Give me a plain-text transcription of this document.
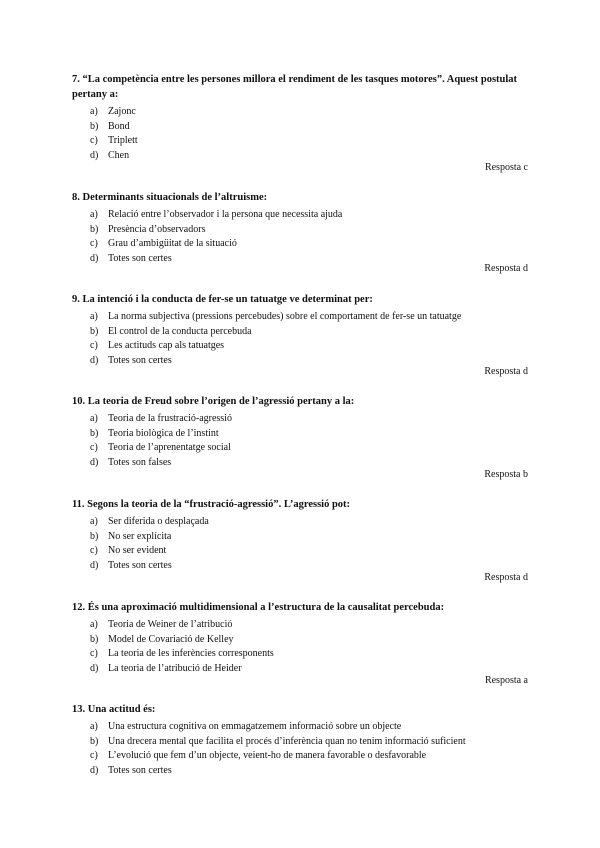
7. “La competència entre les persones millora el rendiment de les tasques motores”. Aquest postulat pertany a:

a)	Zajonc
b) Bond
c)	Triplett
d) Chen
Resposta c

8. Determinants situacionals de l’altruisme:

a)	Relació entre l’observador i la persona que necessita ajuda
b) Presència d’observadors
c)	Grau d’ambigüitat de la situació
d) Totes son certes
Resposta d

9. La intenció i la conducta de fer-se un tatuatge ve determinat per:

a)	La norma subjectiva (pressions percebudes) sobre el comportament de fer-se un tatuatge
b) El control de la conducta percebuda
c)	Les actituds cap als tatuatges
d) Totes son certes
Resposta d

10. La teoria de Freud sobre l’origen de l’agressió pertany a la:

a)	Teoria de la frustració-agressió
b) Teoria biològica de l’instint
c)	Teoria de l’aprenentatge social
d) Totes son falses
Resposta b

11. Segons la teoria de la “frustració-agressió”. L’agressió pot:

a)	Ser diferida o desplaçada
b) No ser explícita
c)	No ser evident
d) Totes son certes
Resposta d

12. És una aproximació multidimensional a l’estructura de la causalitat percebuda:

a)	Teoria de Weiner de l’atribució
b) Model de Covariació de Kelley
c)	La teoria de les inferències corresponents
d) La teoria de l’atribució de Heider
Resposta a

13. Una actitud és:

a)	Una estructura cognitiva on emmagatzemem informació sobre un objecte
b) Una drecera mental que facilita el procés d’inferència quan no tenim informació suficient
c)	L’evolució que fem d’un objecte, veient-ho de manera favorable o desfavorable
d) Totes son certes
